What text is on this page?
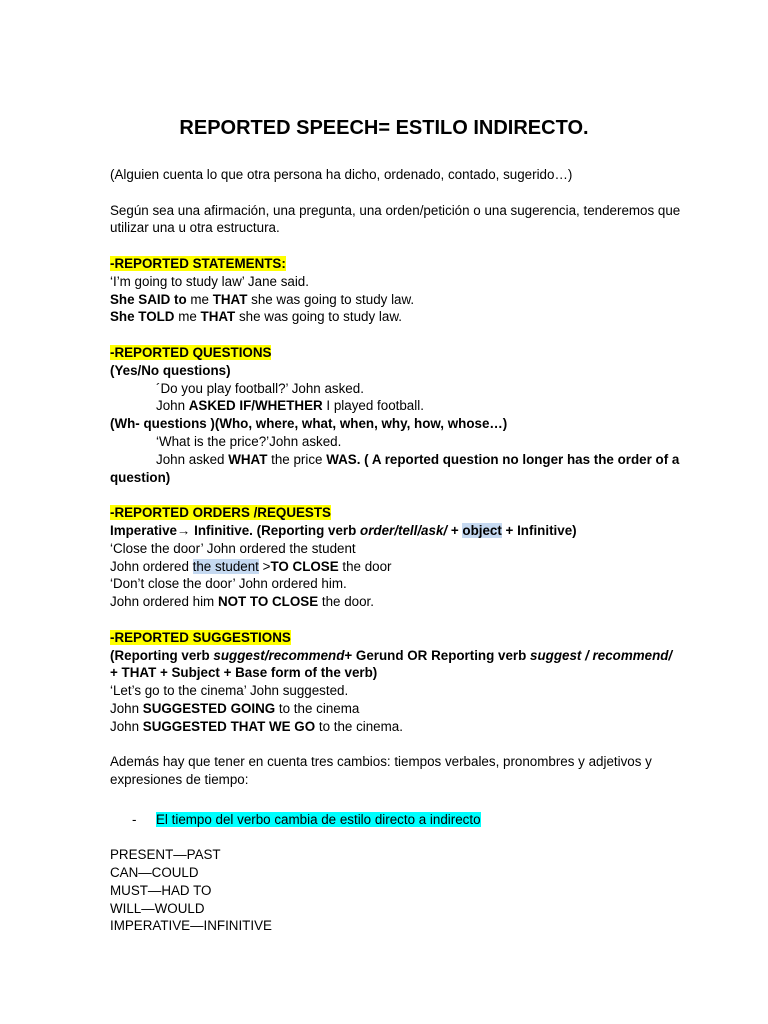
REPORTED SPEECH= ESTILO INDIRECTO.
(Alguien cuenta lo que otra persona ha dicho, ordenado, contado, sugerido…)
Según sea una afirmación, una pregunta, una orden/petición o una sugerencia, tenderemos que utilizar una u otra estructura.
-REPORTED STATEMENTS:
‘I’m going to study law’ Jane said.
She SAID to me THAT she was going to study law.
She TOLD me THAT she was going to study law.
-REPORTED QUESTIONS
(Yes/No questions)
´Do you play football?’ John asked.
John ASKED IF/WHETHER I played football.
(Wh- questions )(Who, where, what, when, why, how, whose…)
‘What is the price?’John asked.
John asked WHAT the price WAS. ( A reported question no longer has the order of a question)
-REPORTED ORDERS /REQUESTS
Imperative→ Infinitive. (Reporting verb order/tell/ask/ + object + Infinitive)
‘Close the door’ John ordered the student
John ordered the student >TO CLOSE the door
‘Don’t close the door’ John ordered him.
John ordered him NOT TO CLOSE the door.
-REPORTED SUGGESTIONS
(Reporting verb suggest/recommend+ Gerund OR Reporting verb suggest / recommend/
+ THAT + Subject + Base form of the verb)
‘Let’s go to the cinema’ John suggested.
John SUGGESTED GOING to the cinema
John SUGGESTED THAT WE GO to the cinema.
Además hay que tener en cuenta tres cambios: tiempos verbales, pronombres y adjetivos y expresiones de tiempo:
- El tiempo del verbo cambia de estilo directo a indirecto
PRESENT—PAST
CAN—COULD
MUST—HAD TO
WILL—WOULD
IMPERATIVE—INFINITIVE
